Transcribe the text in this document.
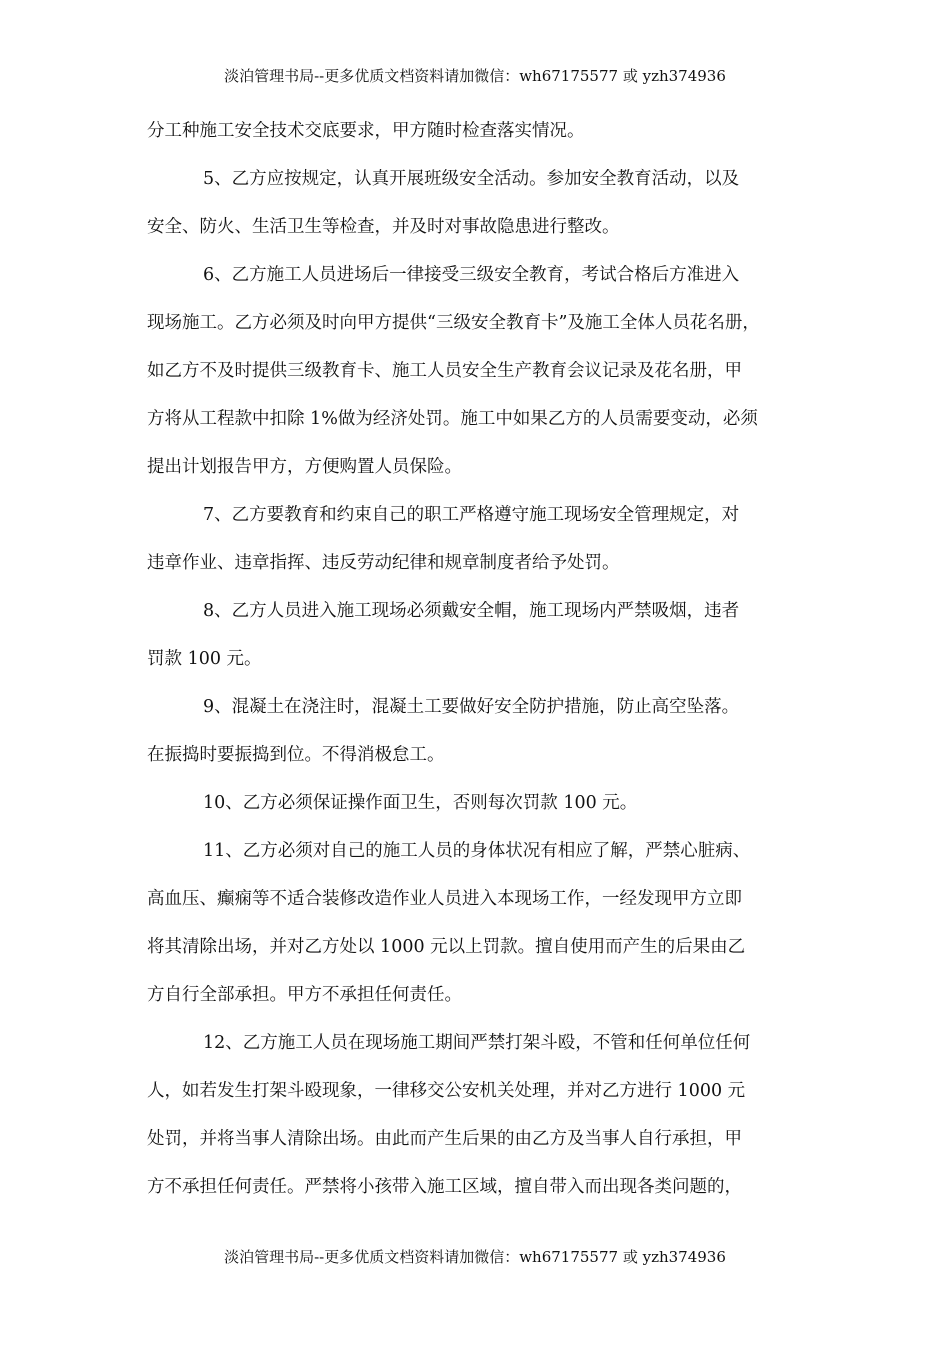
淡泊管理书局--更多优质文档资料请加微信：wh67175577 或 yzh374936
分工种施工安全技术交底要求，甲方随时检查落实情况。
5、乙方应按规定，认真开展班级安全活动。参加安全教育活动，以及
安全、防火、生活卫生等检查，并及时对事故隐患进行整改。
6、乙方施工人员进场后一律接受三级安全教育，考试合格后方准进入
现场施工。乙方必须及时向甲方提供“三级安全教育卡”及施工全体人员花名册，
如乙方不及时提供三级教育卡、施工人员安全生产教育会议记录及花名册，甲
方将从工程款中扣除 1%做为经济处罚。施工中如果乙方的人员需要变动，必须
提出计划报告甲方，方便购置人员保险。
7、乙方要教育和约束自己的职工严格遵守施工现场安全管理规定，对
违章作业、违章指挥、违反劳动纪律和规章制度者给予处罚。
8、乙方人员进入施工现场必须戴安全帽，施工现场内严禁吸烟，违者
罚款 100 元。
9、混凝土在浇注时，混凝土工要做好安全防护措施，防止高空坠落。
在振捣时要振捣到位。不得消极怠工。
10、乙方必须保证操作面卫生，否则每次罚款 100 元。
11、乙方必须对自己的施工人员的身体状况有相应了解，严禁心脏病、
高血压、癫痫等不适合装修改造作业人员进入本现场工作，一经发现甲方立即
将其清除出场，并对乙方处以 1000 元以上罚款。擅自使用而产生的后果由乙
方自行全部承担。甲方不承担任何责任。
12、乙方施工人员在现场施工期间严禁打架斗殴，不管和任何单位任何
人，如若发生打架斗殴现象，一律移交公安机关处理，并对乙方进行 1000 元
处罚，并将当事人清除出场。由此而产生后果的由乙方及当事人自行承担，甲
方不承担任何责任。严禁将小孩带入施工区域，擅自带入而出现各类问题的，
淡泊管理书局--更多优质文档资料请加微信：wh67175577 或 yzh374936
